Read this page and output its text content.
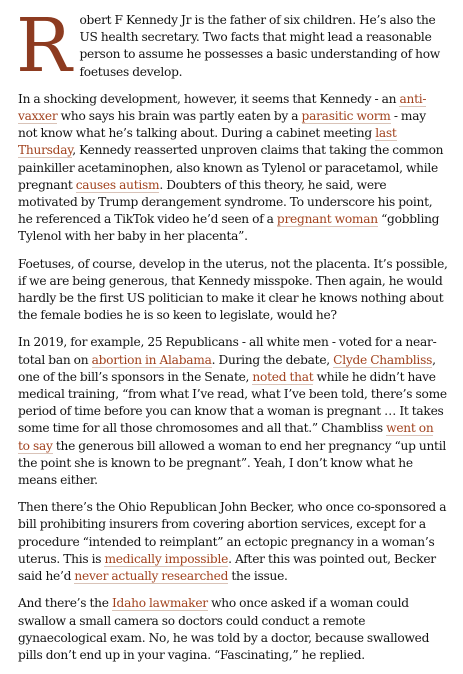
Robert F Kennedy Jr is the father of six children. He’s also the US health secretary. Two facts that might lead a reasonable person to assume he possesses a basic understanding of how foetuses develop.

In a shocking development, however, it seems that Kennedy - an anti-vaxxer who says his brain was partly eaten by a parasitic worm - may not know what he’s talking about. During a cabinet meeting last Thursday, Kennedy reasserted unproven claims that taking the common painkiller acetaminophen, also known as Tylenol or paracetamol, while pregnant causes autism. Doubters of this theory, he said, were motivated by Trump derangement syndrome. To underscore his point, he referenced a TikTok video he’d seen of a pregnant woman “gobbling Tylenol with her baby in her placenta”.

Foetuses, of course, develop in the uterus, not the placenta. It’s possible, if we are being generous, that Kennedy misspoke. Then again, he would hardly be the first US politician to make it clear he knows nothing about the female bodies he is so keen to legislate, would he?

In 2019, for example, 25 Republicans - all white men - voted for a near-total ban on abortion in Alabama. During the debate, Clyde Chambliss, one of the bill’s sponsors in the Senate, noted that while he didn’t have medical training, “from what I’ve read, what I’ve been told, there’s some period of time before you can know that a woman is pregnant … It takes some time for all those chromosomes and all that.” Chambliss went on to say the generous bill allowed a woman to end her pregnancy “up until the point she is known to be pregnant”. Yeah, I don’t know what he means either.

Then there’s the Ohio Republican John Becker, who once co-sponsored a bill prohibiting insurers from covering abortion services, except for a procedure “intended to reimplant” an ectopic pregnancy in a woman’s uterus. This is medically impossible. After this was pointed out, Becker said he’d never actually researched the issue.

And there’s the Idaho lawmaker who once asked if a woman could swallow a small camera so doctors could conduct a remote gynaecological exam. No, he was told by a doctor, because swallowed pills don’t end up in your vagina. “Fascinating,” he replied.
